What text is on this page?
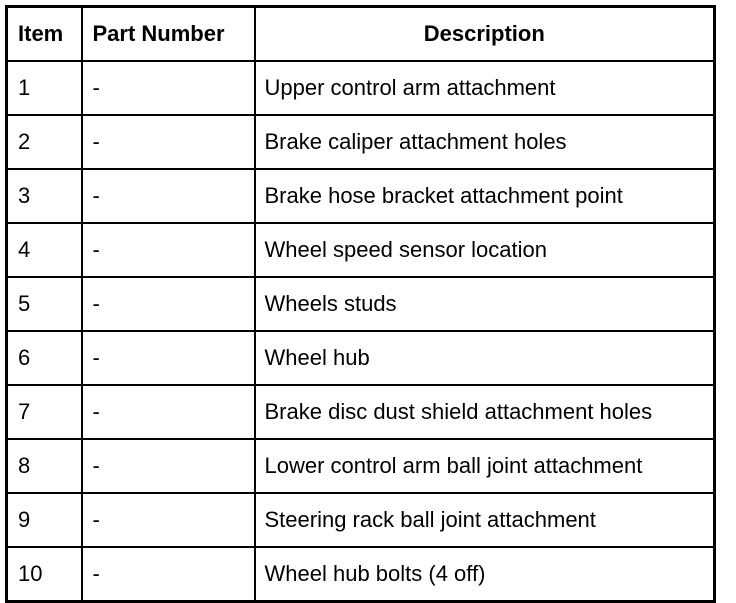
Item	Part Number	Description
1	-	Upper control arm attachment
2	-	Brake caliper attachment holes
3	-	Brake hose bracket attachment point
4	-	Wheel speed sensor location
5	-	Wheels studs
6	-	Wheel hub
7	-	Brake disc dust shield attachment holes
8	-	Lower control arm ball joint attachment
9	-	Steering rack ball joint attachment
10	-	Wheel hub bolts (4 off)
